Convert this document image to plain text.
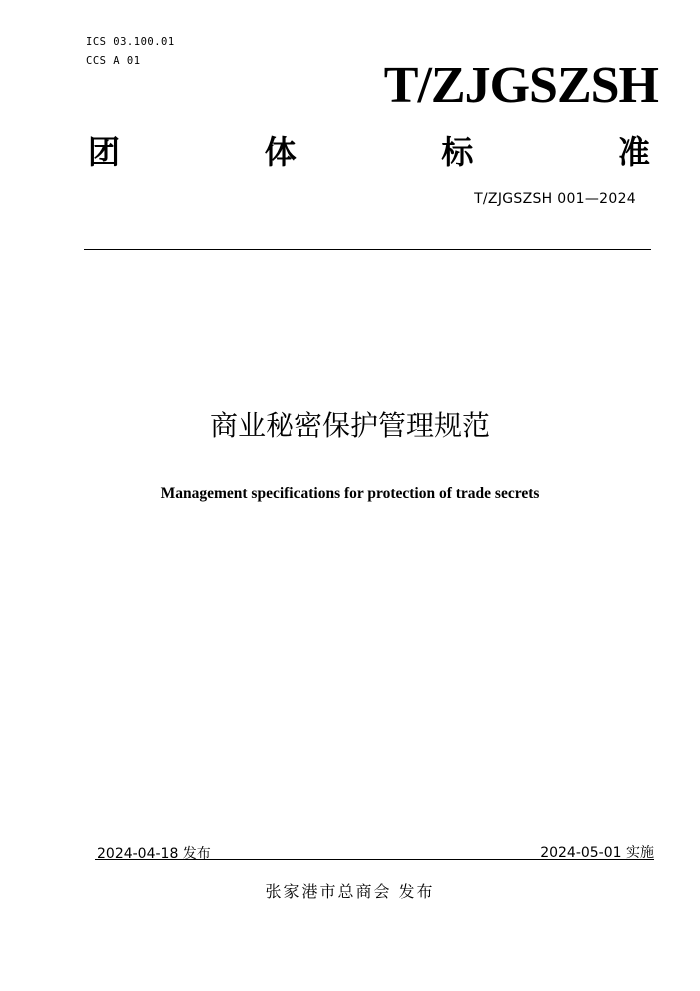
ICS 03.100.01
CCS A 01	T/ZJGSZSH
团	体	标	准
T/ZJGSZSH 001—2024
商业秘密保护管理规范
Management specifications for protection of trade secrets
2024-04-18 发布	2024-05-01 实施
张家港市总商会 发布
